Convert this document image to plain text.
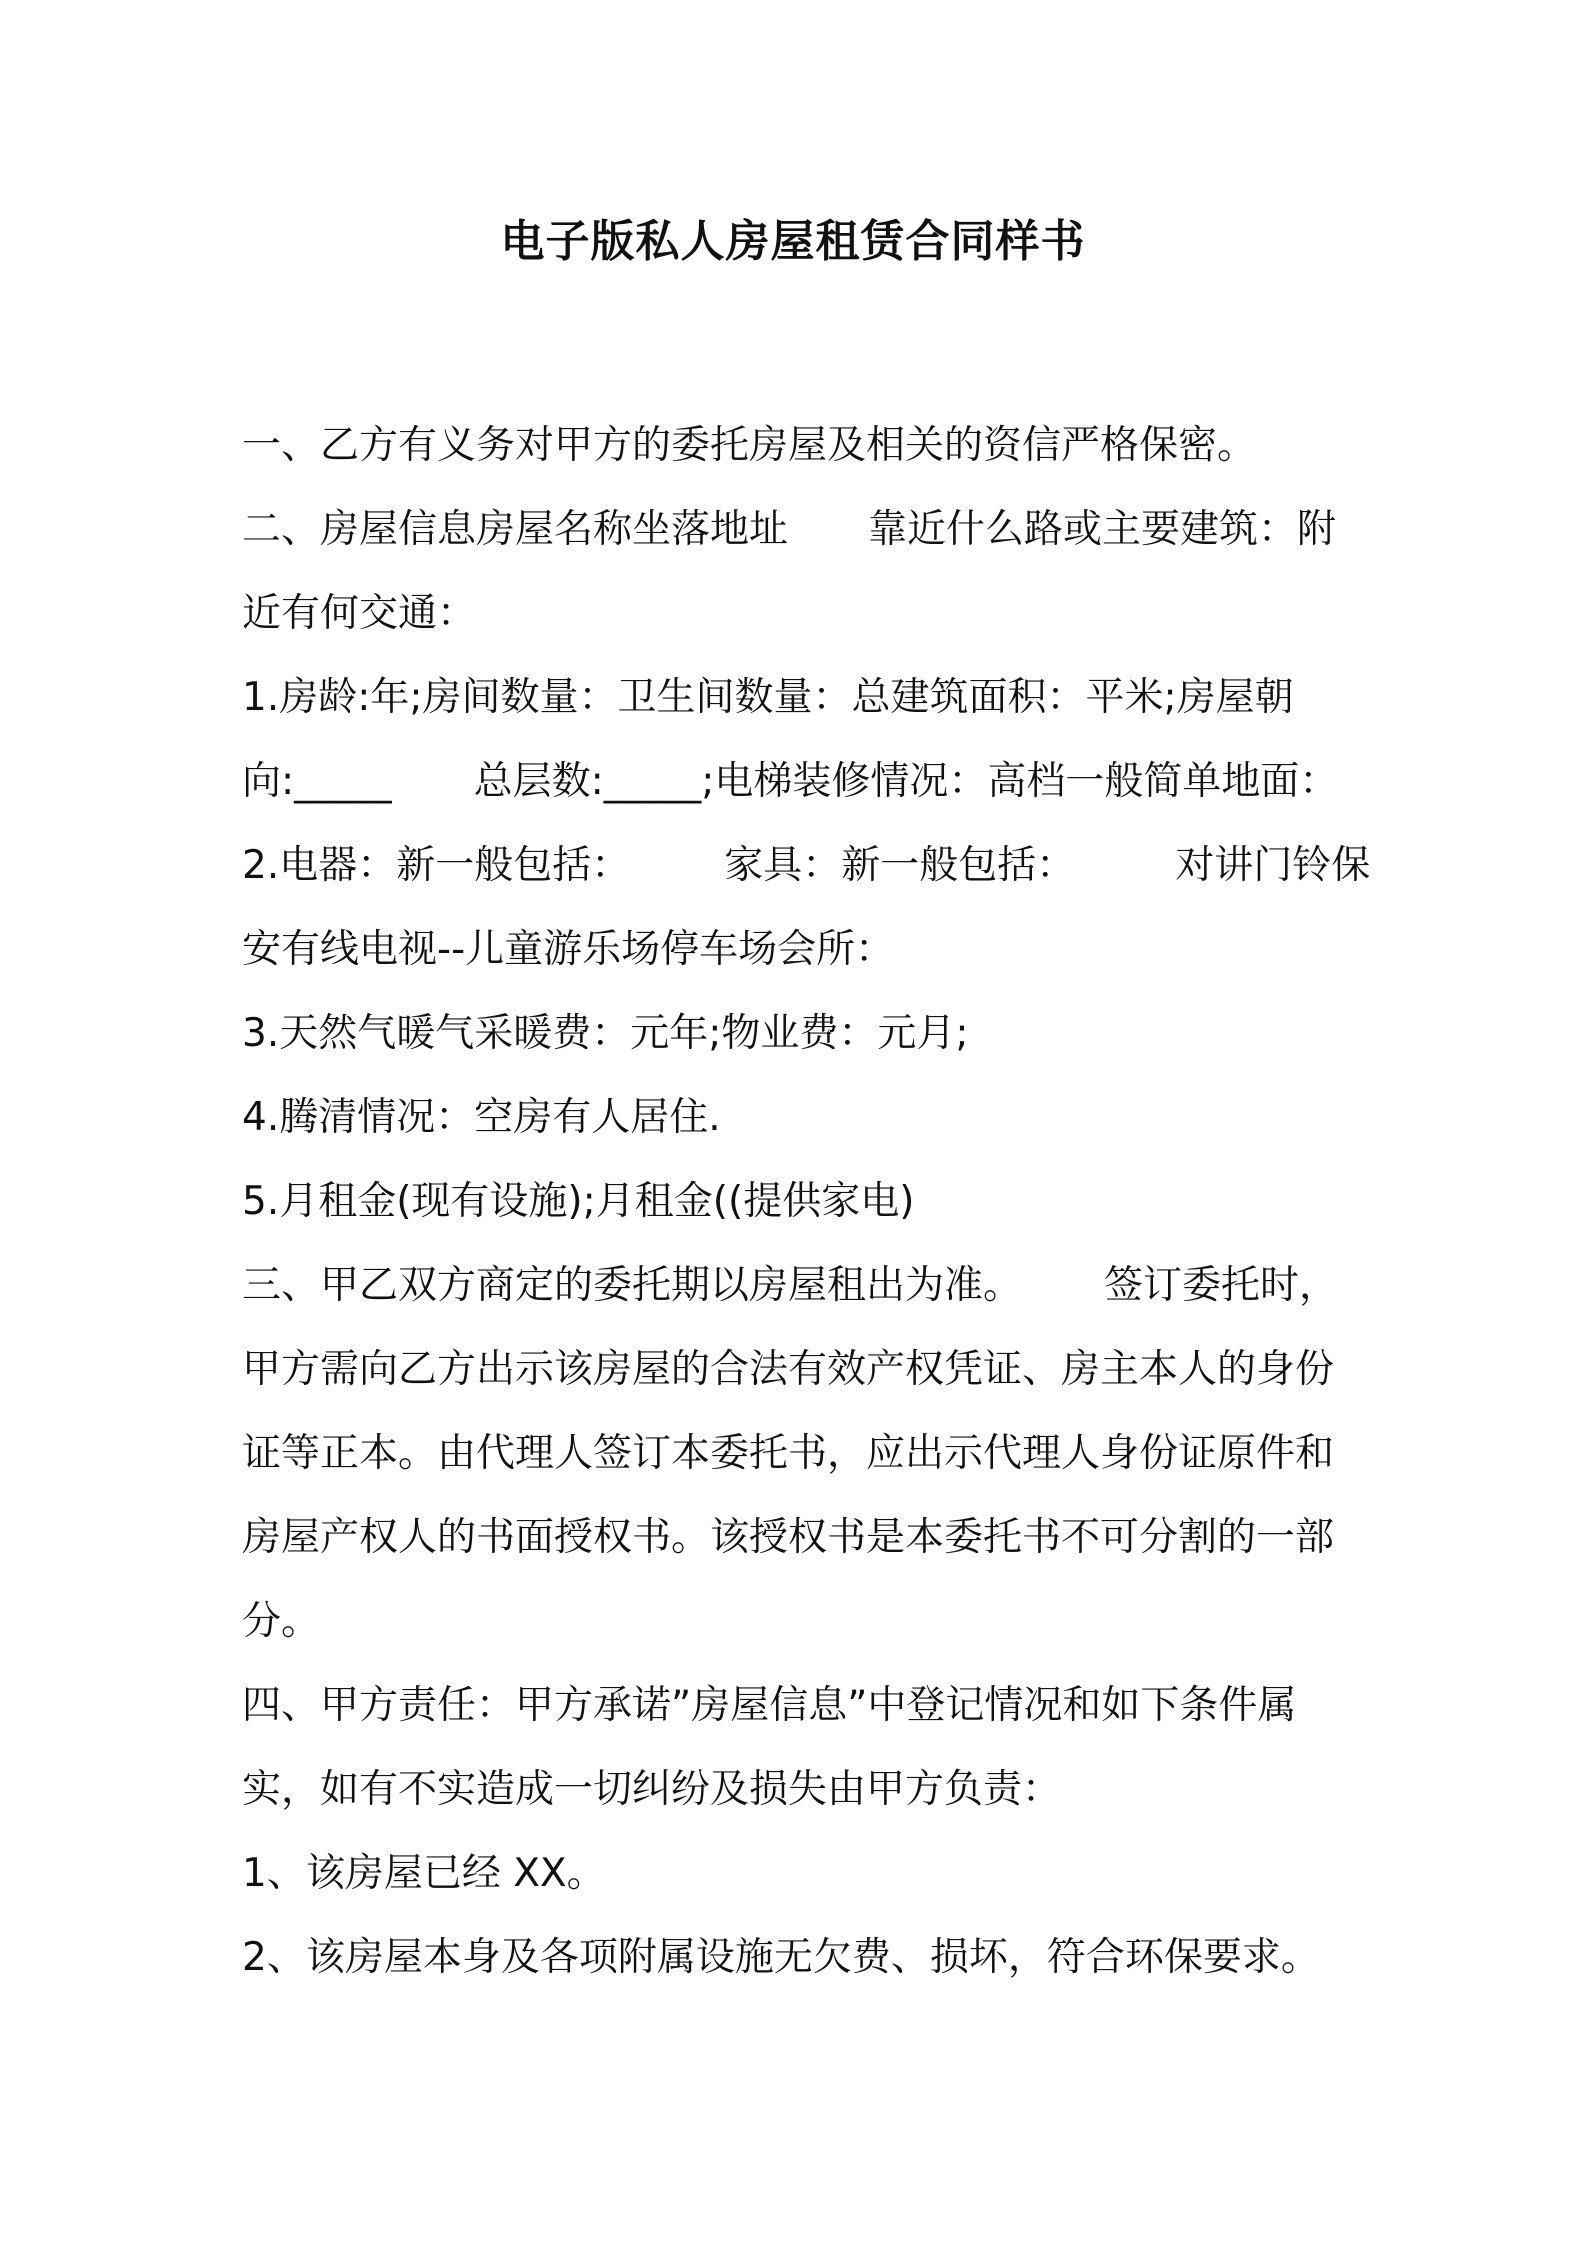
电子版私人房屋租赁合同样书
一、乙方有义务对甲方的委托房屋及相关的资信严格保密。
二、房屋信息房屋名称坐落地址 靠近什么路或主要建筑：附
近有何交通：
1.房龄:年;房间数量：卫生间数量：总建筑面积：平米;房屋朝
向:_____ 总层数:_____;电梯装修情况：高档一般简单地面：
2.电器：新一般包括： 家具：新一般包括：	对讲门铃保
安有线电视--儿童游乐场停车场会所：
3.天然气暖气采暖费：元年;物业费：元月;
4.腾清情况：空房有人居住.
5.月租金(现有设施);月租金((提供家电)
三、甲乙双方商定的委托期以房屋租出为准。 签订委托时，
甲方需向乙方出示该房屋的合法有效产权凭证、房主本人的身份
证等正本。由代理人签订本委托书，应出示代理人身份证原件和
房屋产权人的书面授权书。该授权书是本委托书不可分割的一部
分。
四、甲方责任：甲方承诺”房屋信息”中登记情况和如下条件属
实，如有不实造成一切纠纷及损失由甲方负责：
1、该房屋已经 XX。
2、该房屋本身及各项附属设施无欠费、损坏，符合环保要求。
